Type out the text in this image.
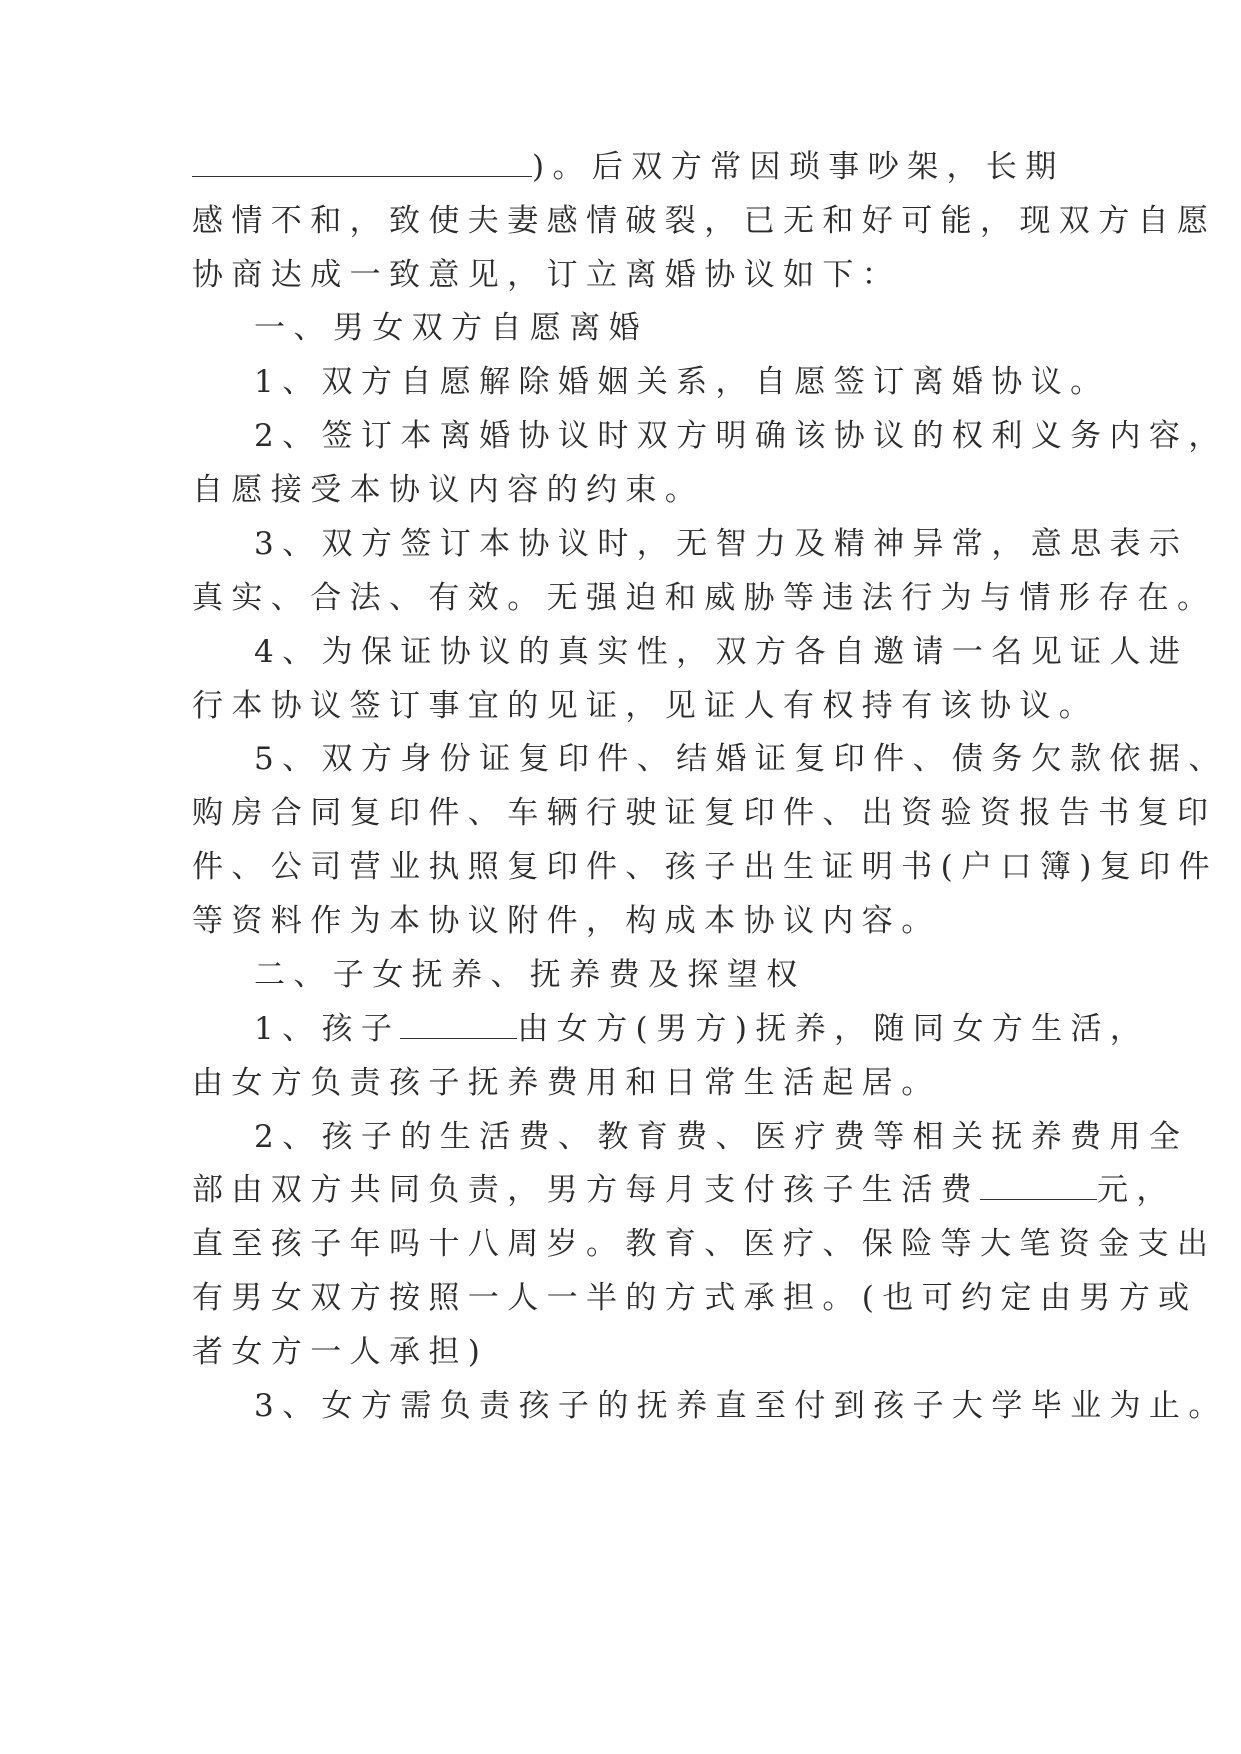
)。后双方常因琐事吵架，长期
感情不和，致使夫妻感情破裂，已无和好可能，现双方自愿
协商达成一致意见，订立离婚协议如下：
一、男女双方自愿离婚
1、双方自愿解除婚姻关系，自愿签订离婚协议。
2、签订本离婚协议时双方明确该协议的权利义务内容，
自愿接受本协议内容的约束。
3、双方签订本协议时，无智力及精神异常，意思表示
真实、合法、有效。无强迫和威胁等违法行为与情形存在。
4、为保证协议的真实性，双方各自邀请一名见证人进
行本协议签订事宜的见证，见证人有权持有该协议。
5、双方身份证复印件、结婚证复印件、债务欠款依据、
购房合同复印件、车辆行驶证复印件、出资验资报告书复印
件、公司营业执照复印件、孩子出生证明书(户口簿)复印件
等资料作为本协议附件，构成本协议内容。
二、子女抚养、抚养费及探望权
1、孩子	由女方(男方)抚养，随同女方生活，
由女方负责孩子抚养费用和日常生活起居。
2、孩子的生活费、教育费、医疗费等相关抚养费用全
部由双方共同负责，男方每月支付孩子生活费	元，
直至孩子年吗十八周岁。教育、医疗、保险等大笔资金支出
有男女双方按照一人一半的方式承担。(也可约定由男方或
者女方一人承担)
3、女方需负责孩子的抚养直至付到孩子大学毕业为止。
